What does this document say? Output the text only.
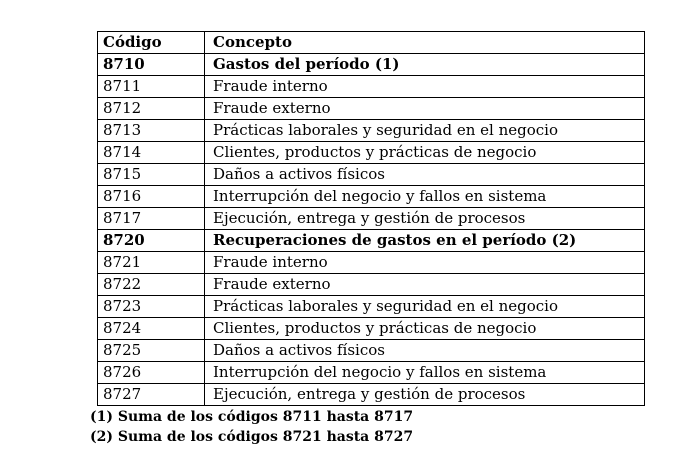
Código	Concepto
8710	Gastos del período (1)
8711	Fraude interno
8712	Fraude externo
8713	Prácticas laborales y seguridad en el negocio
8714	Clientes, productos y prácticas de negocio
8715	Daños a activos físicos
8716	Interrupción del negocio y fallos en sistema
8717	Ejecución, entrega y gestión de procesos
8720	Recuperaciones de gastos en el período (2)
8721	Fraude interno
8722	Fraude externo
8723	Prácticas laborales y seguridad en el negocio
8724	Clientes, productos y prácticas de negocio
8725	Daños a activos físicos
8726	Interrupción del negocio y fallos en sistema
8727	Ejecución, entrega y gestión de procesos
(1) Suma de los códigos 8711 hasta 8717
(2) Suma de los códigos 8721 hasta 8727
